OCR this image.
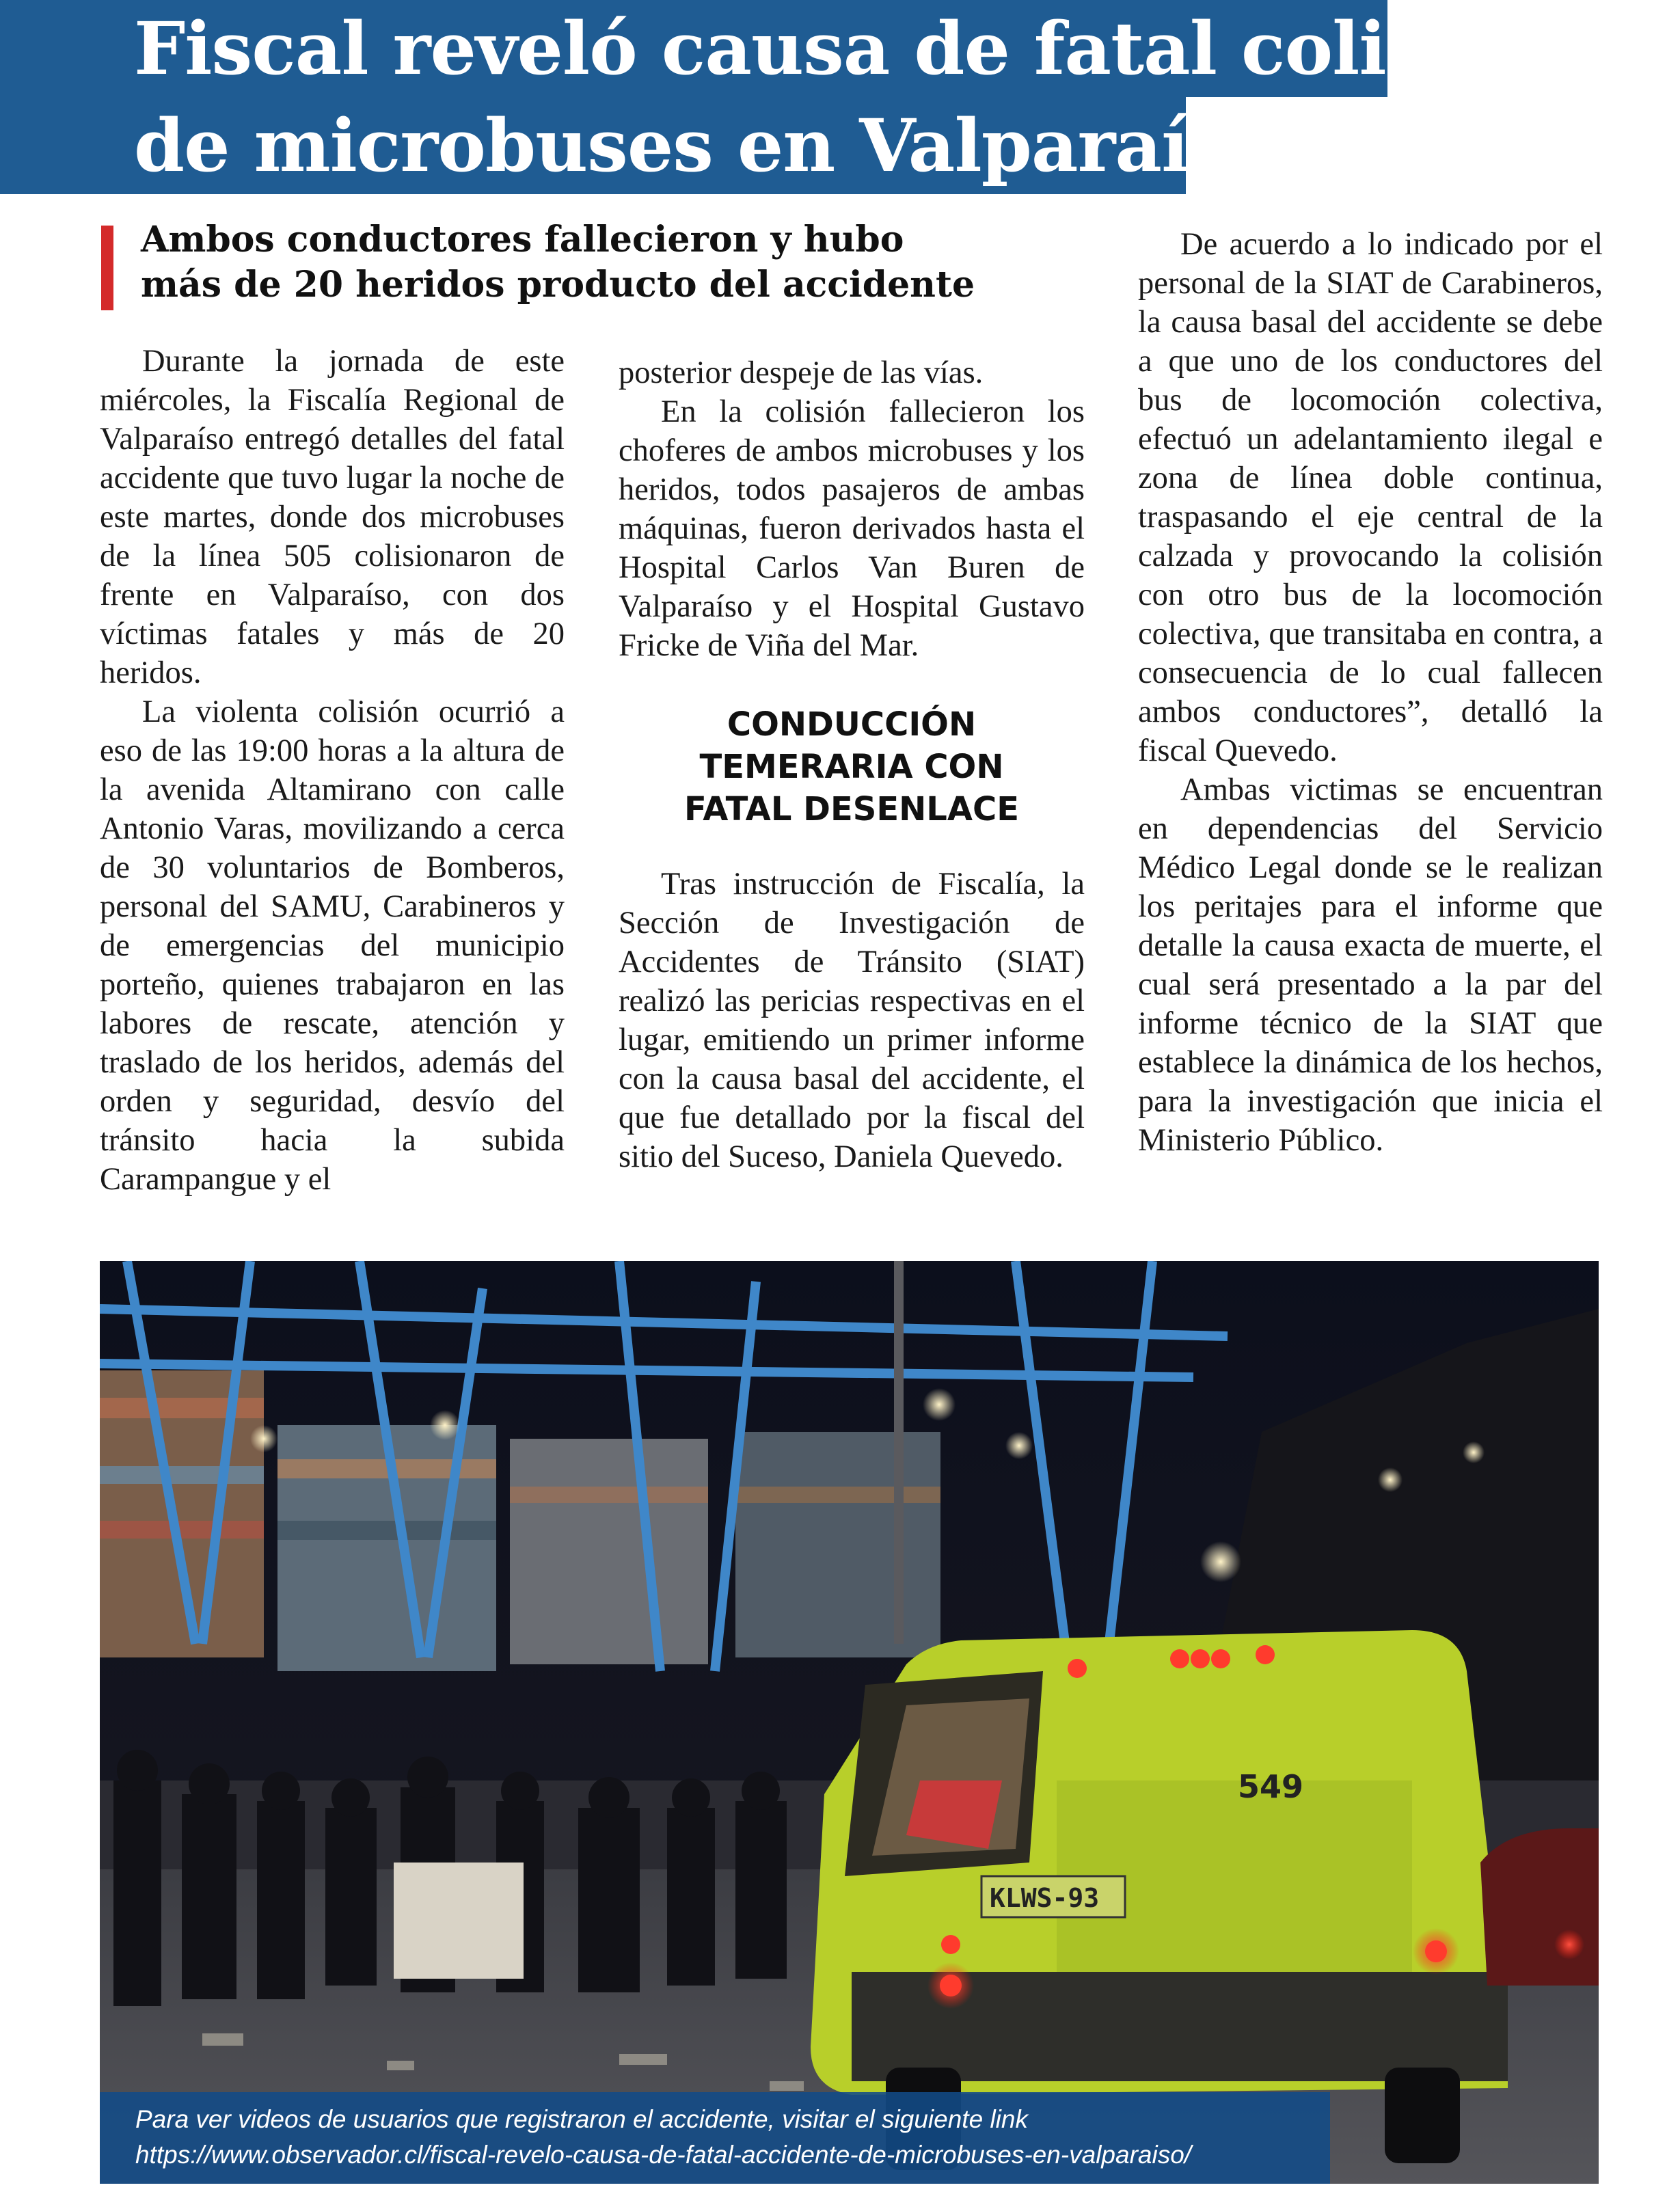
Fiscal reveló causa de fatal colisión
de microbuses en Valparaíso
Ambos conductores fallecieron y hubo
más de 20 heridos producto del accidente

Durante la jornada de este miércoles, la Fiscalía Regional de Valparaíso entregó detalles del fatal accidente que tuvo lugar la noche de este martes, donde dos microbuses de la línea 505 colisionaron de frente en Valparaíso, con dos víctimas fatales y más de 20 heridos.

La violenta colisión ocurrió a eso de las 19:00 horas a la altura de la avenida Altamirano con calle Antonio Varas, movilizando a cerca de 30 voluntarios de Bomberos, personal del SAMU, Carabineros y de emergencias del municipio porteño, quienes trabajaron en las labores de rescate, atención y traslado de los heridos, además del orden y seguridad, desvío del tránsito hacia la subida Carampangue y el

posterior despeje de las vías.

En la colisión fallecieron los choferes de ambos microbuses y los heridos, todos pasajeros de ambas máquinas, fueron derivados hasta el Hospital Carlos Van Buren de Valparaíso y el Hospital Gustavo Fricke de Viña del Mar.

CONDUCCIÓN
TEMERARIA CON
FATAL DESENLACE

Tras instrucción de Fiscalía, la Sección de Investigación de Accidentes de Tránsito (SIAT) realizó las pericias respectivas en el lugar, emitiendo un primer informe con la causa basal del accidente, el que fue detallado por la fiscal del sitio del Suceso, Daniela Quevedo.

De acuerdo a lo indicado por el personal de la SIAT de Carabineros, la causa basal del accidente se debe a que uno de los conductores del bus de locomoción colectiva, efectuó un adelantamiento ilegal e zona de línea doble continua, traspasando el eje central de la calzada y provocando la colisión con otro bus de la locomoción colectiva, que transitaba en contra, a consecuencia de lo cual fallecen ambos conductores”, detalló la fiscal Quevedo.

Ambas victimas se encuentran en dependencias del Servicio Médico Legal donde se le realizan los peritajes para el informe que detalle la causa exacta de muerte, el cual será presentado a la par del informe técnico de la SIAT que establece la dinámica de los hechos, para la investigación que inicia el Ministerio Público.

549
KLWS-93
Para ver videos de usuarios que registraron el accidente, visitar el siguiente link
https://www.observador.cl/fiscal-revelo-causa-de-fatal-accidente-de-microbuses-en-valparaiso/
